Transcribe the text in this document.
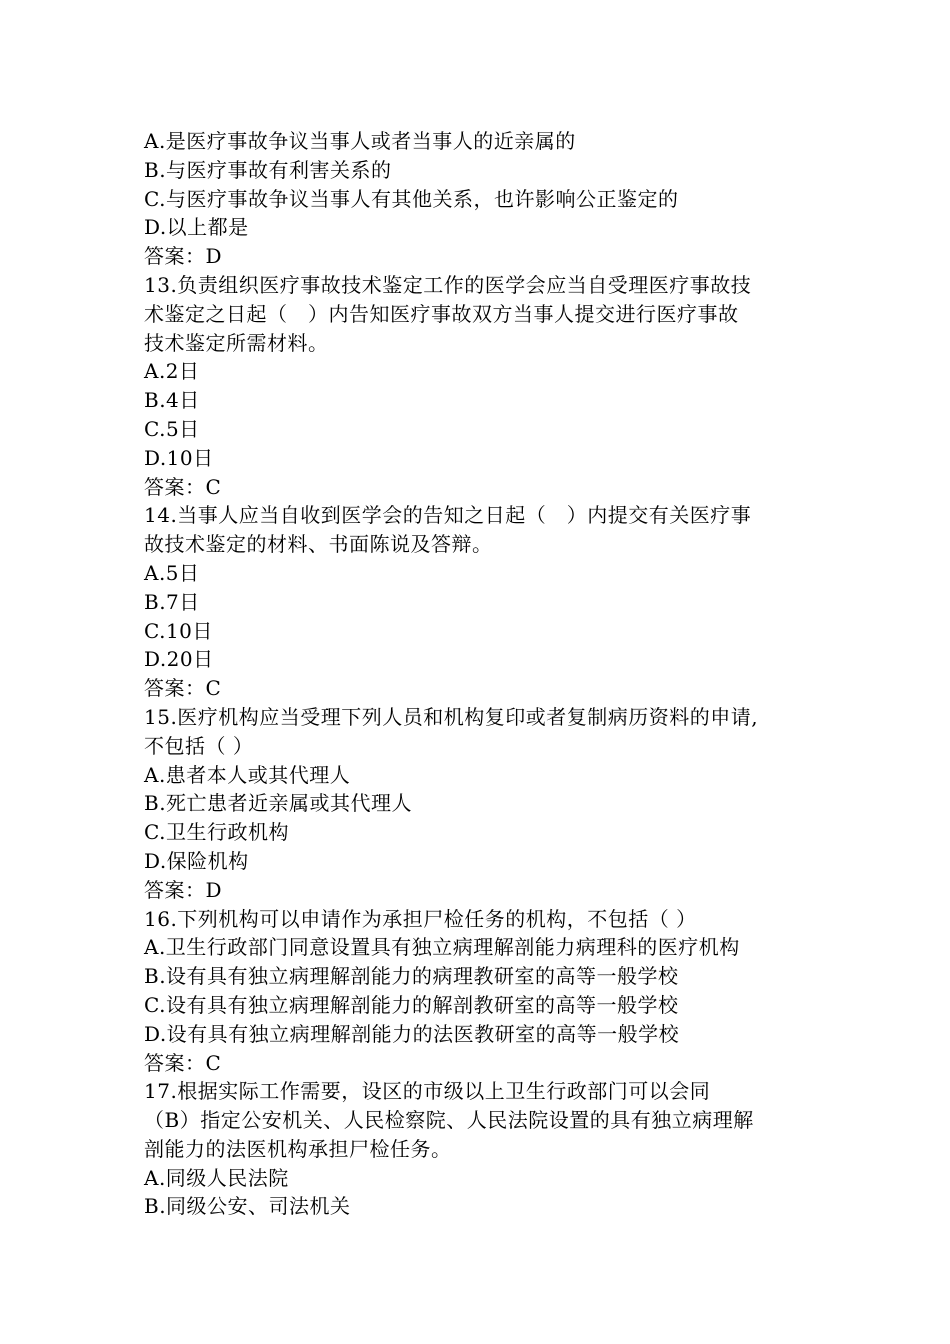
A.是医疗事故争议当事人或者当事人的近亲属的
B.与医疗事故有利害关系的
C.与医疗事故争议当事人有其他关系，也许影响公正鉴定的
D.以上都是
答案：D
13.负责组织医疗事故技术鉴定工作的医学会应当自受理医疗事故技
术鉴定之日起（　）内告知医疗事故双方当事人提交进行医疗事故
技术鉴定所需材料。
A.2日
B.4日
C.5日
D.10日
答案：C
14.当事人应当自收到医学会的告知之日起（　）内提交有关医疗事
故技术鉴定的材料、书面陈说及答辩。
A.5日
B.7日
C.10日
D.20日
答案：C
15.医疗机构应当受理下列人员和机构复印或者复制病历资料的申请,
不包括（ ）
A.患者本人或其代理人
B.死亡患者近亲属或其代理人
C.卫生行政机构
D.保险机构
答案：D
16.下列机构可以申请作为承担尸检任务的机构，不包括（ ）
A.卫生行政部门同意设置具有独立病理解剖能力病理科的医疗机构
B.设有具有独立病理解剖能力的病理教研室的高等一般学校
C.设有具有独立病理解剖能力的解剖教研室的高等一般学校
D.设有具有独立病理解剖能力的法医教研室的高等一般学校
答案：C
17.根据实际工作需要，设区的市级以上卫生行政部门可以会同
（B）指定公安机关、人民检察院、人民法院设置的具有独立病理解
剖能力的法医机构承担尸检任务。
A.同级人民法院
B.同级公安、司法机关
